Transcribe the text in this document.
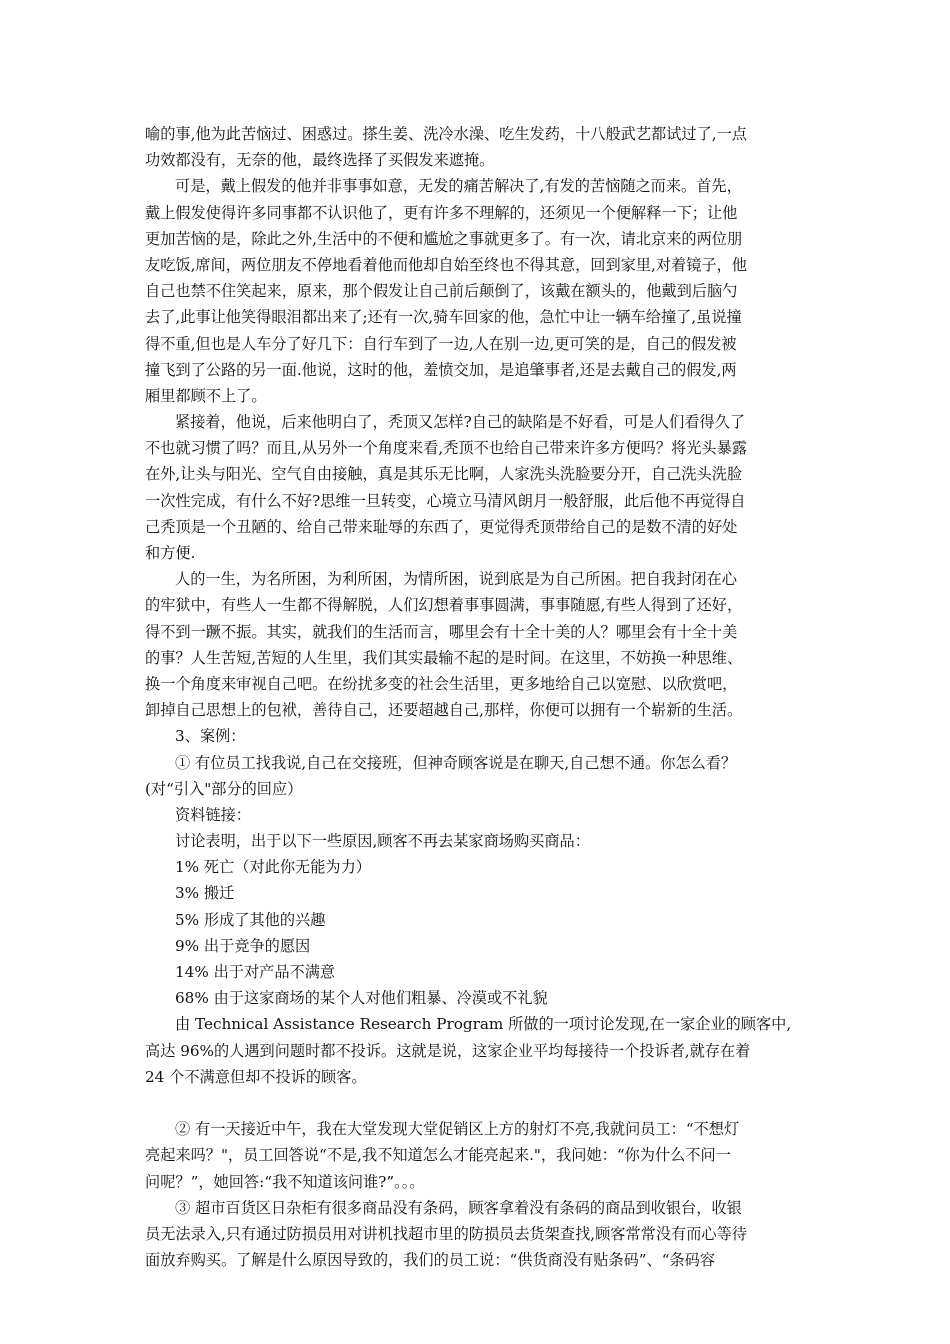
喻的事,他为此苦恼过、困惑过。搽生姜、洗冷水澡、吃生发药，十八般武艺都试过了,一点
功效都没有，无奈的他，最终选择了买假发来遮掩。
可是，戴上假发的他并非事事如意，无发的痛苦解决了,有发的苦恼随之而来。首先，
戴上假发使得许多同事都不认识他了，更有许多不理解的，还须见一个便解释一下；让他
更加苦恼的是，除此之外,生活中的不便和尴尬之事就更多了。有一次，请北京来的两位朋
友吃饭,席间，两位朋友不停地看着他而他却自始至终也不得其意，回到家里,对着镜子，他
自己也禁不住笑起来，原来，那个假发让自己前后颠倒了，该戴在额头的，他戴到后脑勺
去了,此事让他笑得眼泪都出来了;还有一次,骑车回家的他，急忙中让一辆车给撞了,虽说撞
得不重,但也是人车分了好几下：自行车到了一边,人在别一边,更可笑的是，自己的假发被
撞飞到了公路的另一面.他说，这时的他，羞愤交加，是追肇事者,还是去戴自己的假发,两
厢里都顾不上了。
紧接着，他说，后来他明白了，秃顶又怎样?自己的缺陷是不好看，可是人们看得久了
不也就习惯了吗？而且,从另外一个角度来看,秃顶不也给自己带来许多方便吗？将光头暴露
在外,让头与阳光、空气自由接触，真是其乐无比啊，人家洗头洗脸要分开，自己洗头洗脸
一次性完成，有什么不好?思维一旦转变，心境立马清风朗月一般舒服，此后他不再觉得自
己秃顶是一个丑陋的、给自己带来耻辱的东西了，更觉得秃顶带给自己的是数不清的好处
和方便.
人的一生，为名所困，为利所困，为情所困，说到底是为自己所困。把自我封闭在心
的牢狱中，有些人一生都不得解脱，人们幻想着事事圆满，事事随愿,有些人得到了还好，
得不到一蹶不振。其实，就我们的生活而言，哪里会有十全十美的人？哪里会有十全十美
的事？人生苦短,苦短的人生里，我们其实最输不起的是时间。在这里，不妨换一种思维、
换一个角度来审视自己吧。在纷扰多变的社会生活里，更多地给自己以宽慰、以欣赏吧，
卸掉自己思想上的包袱，善待自己，还要超越自己,那样，你便可以拥有一个崭新的生活。
3、案例：
① 有位员工找我说,自己在交接班，但神奇顾客说是在聊天,自己想不通。你怎么看？
(对“引入"部分的回应）
资料链接：
讨论表明，出于以下一些原因,顾客不再去某家商场购买商品：
1% 死亡（对此你无能为力）
3% 搬迁
5% 形成了其他的兴趣
9% 出于竞争的愿因
14% 出于对产品不满意
68% 由于这家商场的某个人对他们粗暴、冷漠或不礼貌
由 Technical Assistance Research Program 所做的一项讨论发现,在一家企业的顾客中,
高达 96%的人遇到问题时都不投诉。这就是说，这家企业平均每接待一个投诉者,就存在着
24 个不满意但却不投诉的顾客。
② 有一天接近中午，我在大堂发现大堂促销区上方的射灯不亮,我就问员工：“不想灯
亮起来吗？"，员工回答说“不是,我不知道怎么才能亮起来."，我问她：“你为什么不问一
问呢？”，她回答:“我不知道该问谁?”。。。
③ 超市百货区日杂柜有很多商品没有条码，顾客拿着没有条码的商品到收银台，收银
员无法录入,只有通过防损员用对讲机找超市里的防损员去货架查找,顾客常常没有而心等待
面放弃购买。了解是什么原因导致的，我们的员工说：“供货商没有贴条码”、“条码容
